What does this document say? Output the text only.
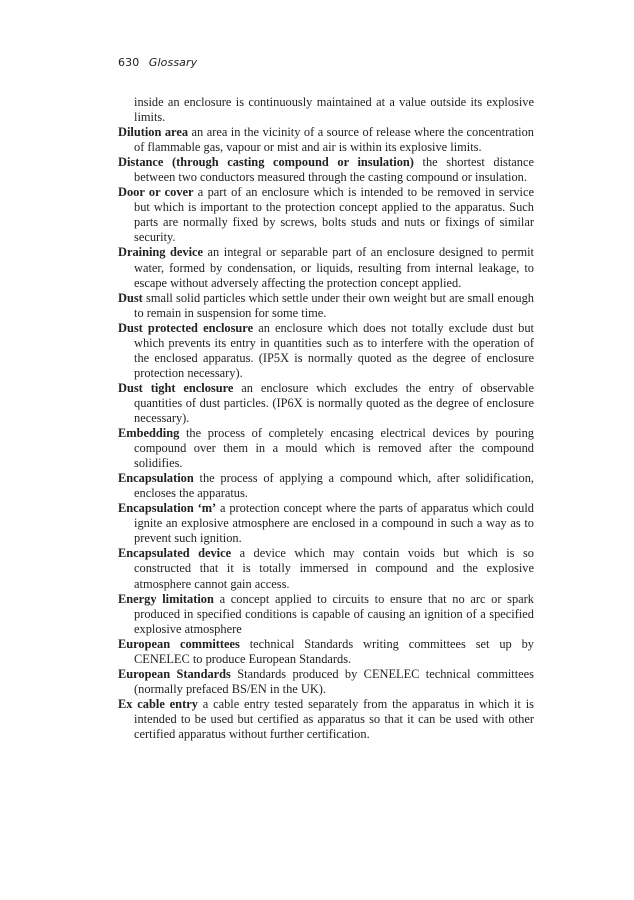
630 Glossary

inside an enclosure is continuously maintained at a value outside its explosive limits.

Dilution area an area in the vicinity of a source of release where the concentration of flammable gas, vapour or mist and air is within its explosive limits.

Distance (through casting compound or insulation) the shortest distance between two conductors measured through the casting compound or insulation.

Door or cover a part of an enclosure which is intended to be removed in service but which is important to the protection concept applied to the apparatus. Such parts are normally fixed by screws, bolts studs and nuts or fixings of similar security.

Draining device an integral or separable part of an enclosure designed to permit water, formed by condensation, or liquids, resulting from internal leakage, to escape without adversely affecting the protection concept applied.

Dust small solid particles which settle under their own weight but are small enough to remain in suspension for some time.

Dust protected enclosure an enclosure which does not totally exclude dust but which prevents its entry in quantities such as to interfere with the operation of the enclosed apparatus. (IP5X is normally quoted as the degree of enclosure protection necessary).

Dust tight enclosure an enclosure which excludes the entry of observable quantities of dust particles. (IP6X is normally quoted as the degree of enclosure necessary).

Embedding the process of completely encasing electrical devices by pouring compound over them in a mould which is removed after the compound solidifies.

Encapsulation the process of applying a compound which, after solidification, encloses the apparatus.

Encapsulation ‘m’ a protection concept where the parts of apparatus which could ignite an explosive atmosphere are enclosed in a compound in such a way as to prevent such ignition.

Encapsulated device a device which may contain voids but which is so constructed that it is totally immersed in compound and the explosive atmosphere cannot gain access.

Energy limitation a concept applied to circuits to ensure that no arc or spark produced in specified conditions is capable of causing an ignition of a specified explosive atmosphere

European committees technical Standards writing committees set up by CENELEC to produce European Standards.

European Standards Standards produced by CENELEC technical committees (normally prefaced BS/EN in the UK).

Ex cable entry a cable entry tested separately from the apparatus in which it is intended to be used but certified as apparatus so that it can be used with other certified apparatus without further certification.
